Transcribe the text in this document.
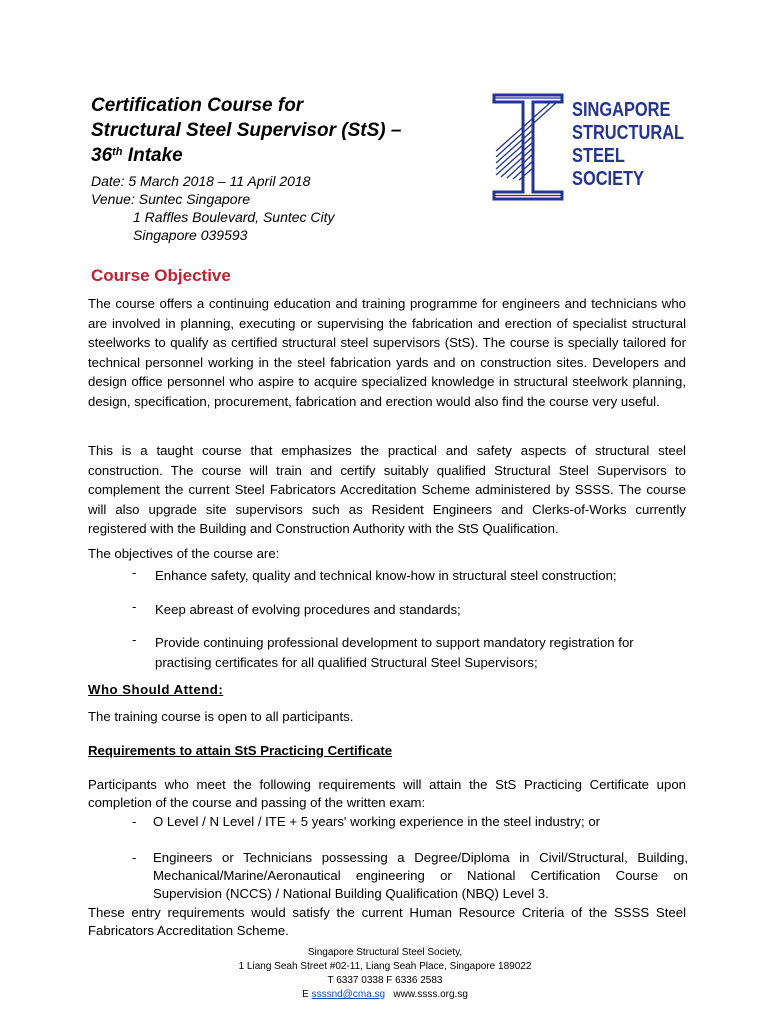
Certification Course for
Structural Steel Supervisor (StS) –
36th Intake
Date: 5 March 2018 – 11 April 2018
Venue: Suntec Singapore
1 Raffles Boulevard, Suntec City
Singapore 039593
SINGAPORE
STRUCTURAL
STEEL
SOCIETY
Course Objective

The course offers a continuing education and training programme for engineers and technicians who are involved in planning, executing or supervising the fabrication and erection of specialist structural steelworks to qualify as certified structural steel supervisors (StS). The course is specially tailored for technical personnel working in the steel fabrication yards and on construction sites. Developers and design office personnel who aspire to acquire specialized knowledge in structural steelwork planning, design, specification, procurement, fabrication and erection would also find the course very useful.

This is a taught course that emphasizes the practical and safety aspects of structural steel construction. The course will train and certify suitably qualified Structural Steel Supervisors to complement the current Steel Fabricators Accreditation Scheme administered by SSSS. The course will also upgrade site supervisors such as Resident Engineers and Clerks-of-Works currently registered with the Building and Construction Authority with the StS Qualification.

The objectives of the course are:

- Enhance safety, quality and technical know-how in structural steel construction;
- Keep abreast of evolving procedures and standards;
- Provide continuing professional development to support mandatory registration for practising certificates for all qualified Structural Steel Supervisors;
Who Should Attend:

The training course is open to all participants.

Requirements to attain StS Practicing Certificate

Participants who meet the following requirements will attain the StS Practicing Certificate upon completion of the course and passing of the written exam:

- O Level / N Level / ITE + 5 years' working experience in the steel industry; or
- Engineers or Technicians possessing a Degree/Diploma in Civil/Structural, Building, Mechanical/Marine/Aeronautical engineering or National Certification Course on Supervision (NCCS) / National Building Qualification (NBQ) Level 3.

These entry requirements would satisfy the current Human Resource Criteria of the SSSS Steel Fabricators Accreditation Scheme.

Singapore Structural Steel Society,
1 Liang Seah Street #02-11, Liang Seah Place, Singapore 189022
T 6337 0338 F 6336 2583
E ssssnd@cma.sg www.ssss.org.sg
